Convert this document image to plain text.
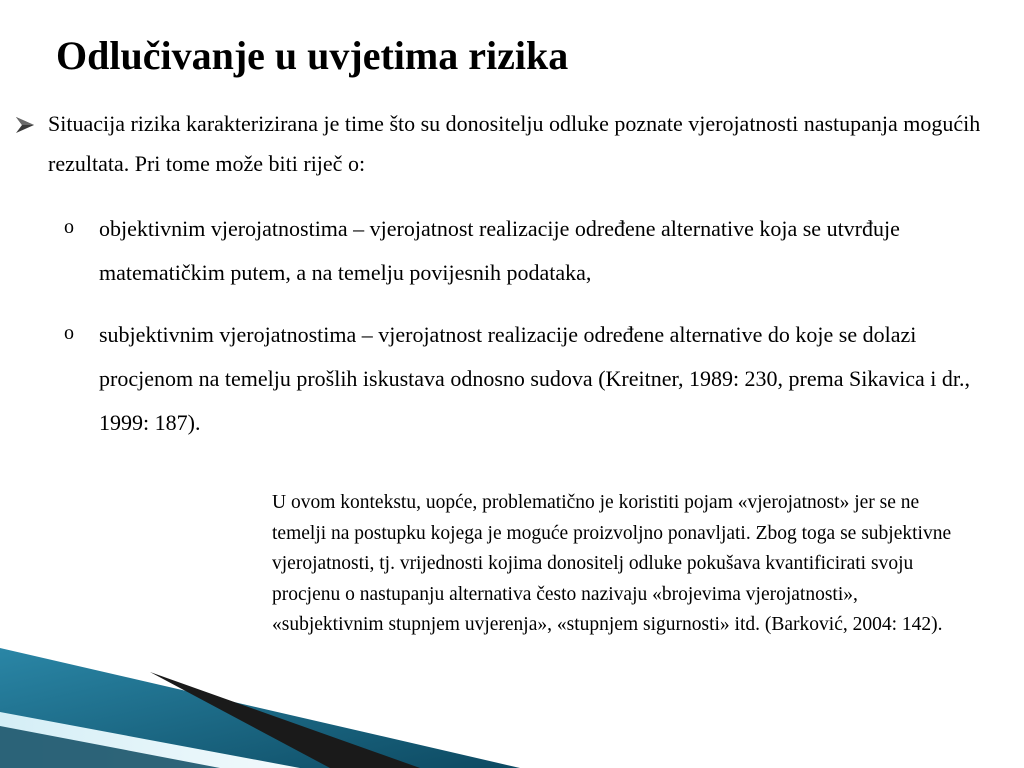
Odlučivanje u uvjetima rizika
Situacija rizika karakterizirana je time što su donositelju odluke poznate vjerojatnosti nastupanja mogućih rezultata. Pri tome može biti riječ o:
o objektivnim vjerojatnostima – vjerojatnost realizacije određene alternative koja se utvrđuje matematičkim putem, a na temelju povijesnih podataka,
o subjektivnim vjerojatnostima – vjerojatnost realizacije određene alternative do koje se dolazi procjenom na temelju prošlih iskustava odnosno sudova (Kreitner, 1989: 230, prema Sikavica i dr., 1999: 187).
U ovom kontekstu, uopće, problematično je koristiti pojam «vjerojatnost» jer se ne temelji na postupku kojega je moguće proizvoljno ponavljati. Zbog toga se subjektivne vjerojatnosti, tj. vrijednosti kojima donositelj odluke pokušava kvantificirati svoju procjenu o nastupanju alternativa često nazivaju «brojevima vjerojatnosti», «subjektivnim stupnjem uvjerenja», «stupnjem sigurnosti» itd. (Barković, 2004: 142).
